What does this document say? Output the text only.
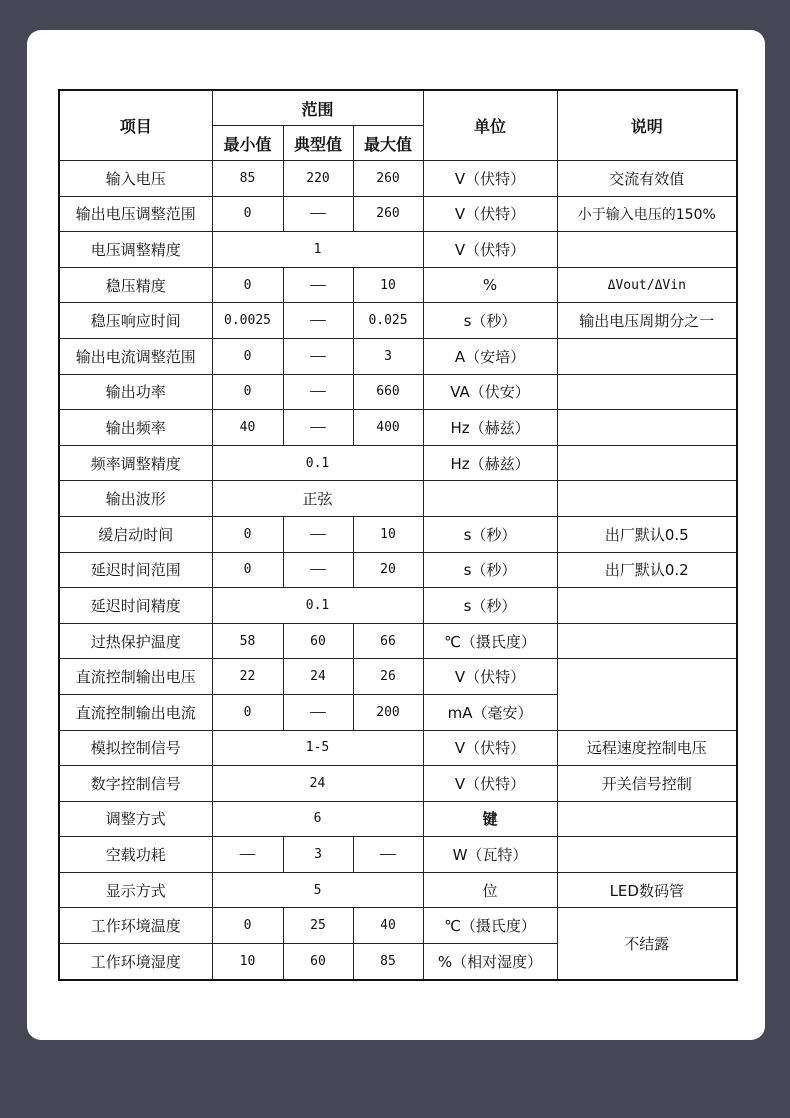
项目	范围			单位	说明
	最小值	典型值	最大值		
输入电压	85	220	260	V（伏特）	交流有效值
输出电压调整范围	0	——	260	V（伏特）	小于输入电压的150%
电压调整精度	1			V（伏特）	
稳压精度	0	——	10	%	ΔVout/ΔVin
稳压响应时间	0.0025	——	0.025	s（秒）	输出电压周期分之一
输出电流调整范围	0	——	3	A（安培）	
输出功率	0	——	660	VA（伏安）	
输出频率	40	——	400	Hz（赫兹）	
频率调整精度	0.1			Hz（赫兹）	
输出波形	正弦				
缓启动时间	0	——	10	s（秒）	出厂默认0.5
延迟时间范围	0	——	20	s（秒）	出厂默认0.2
延迟时间精度	0.1			s（秒）	
过热保护温度	58	60	66	℃（摄氏度）	
直流控制输出电压	22	24	26	V（伏特）	
直流控制输出电流	0	——	200	mA（毫安）	
模拟控制信号	1-5			V（伏特）	远程速度控制电压
数字控制信号	24			V（伏特）	开关信号控制
调整方式	6			键	
空载功耗	——	3	——	W（瓦特）	
显示方式	5			位	LED数码管
工作环境温度	0	25	40	℃（摄氏度）	不结露
工作环境湿度	10	60	85	%（相对湿度）	
